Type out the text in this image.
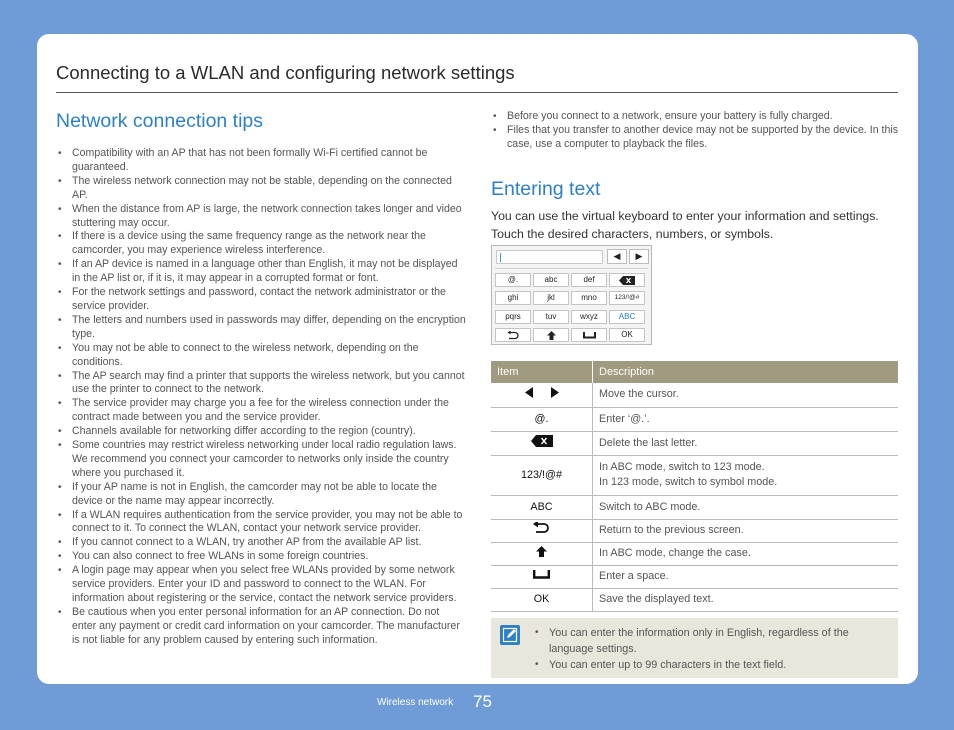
Connecting to a WLAN and configuring network settings
Network connection tips
• Compatibility with an AP that has not been formally Wi-Fi certified cannot be guaranteed.
• The wireless network connection may not be stable, depending on the connected AP.
• When the distance from AP is large, the network connection takes longer and video stuttering may occur.
• If there is a device using the same frequency range as the network near the camcorder, you may experience wireless interference.
• If an AP device is named in a language other than English, it may not be displayed in the AP list or, if it is, it may appear in a corrupted format or font.
• For the network settings and password, contact the network administrator or the service provider.
• The letters and numbers used in passwords may differ, depending on the encryption type.
• You may not be able to connect to the wireless network, depending on the conditions.
• The AP search may find a printer that supports the wireless network, but you cannot use the printer to connect to the network.
• The service provider may charge you a fee for the wireless connection under the contract made between you and the service provider.
• Channels available for networking differ according to the region (country).
• Some countries may restrict wireless networking under local radio regulation laws. We recommend you connect your camcorder to networks only inside the country where you purchased it.
• If your AP name is not in English, the camcorder may not be able to locate the device or the name may appear incorrectly.
• If a WLAN requires authentication from the service provider, you may not be able to connect to it. To connect the WLAN, contact your network service provider.
• If you cannot connect to a WLAN, try another AP from the available AP list.
• You can also connect to free WLANs in some foreign countries.
• A login page may appear when you select free WLANs provided by some network service providers. Enter your ID and password to connect to the WLAN. For information about registering or the service, contact the network service providers.
• Be cautious when you enter personal information for an AP connection. Do not enter any payment or credit card information on your camcorder. The manufacturer is not liable for any problem caused by entering such information.
• Before you connect to a network, ensure your battery is fully charged.
• Files that you transfer to another device may not be supported by the device. In this case, use a computer to playback the files.
Entering text

You can use the virtual keyboard to enter your information and settings. Touch the desired characters, numbers, or symbols.

◀	▶
@.	abc	def
ghi	jkl	mno	123/!@#
pqrs	tuv	wxyz	ABC
OK
Item	Description
	Move the cursor.
@.	Enter ‘@.’.
	Delete the last letter.
123/!@#	In ABC mode, switch to 123 mode.
In 123 mode, switch to symbol mode.

ABC	Switch to ABC mode.
	Return to the previous screen.
	In ABC mode, change the case.
	Enter a space.
OK	Save the displayed text.
• You can enter the information only in English, regardless of the language settings.
• You can enter up to 99 characters in the text field.
Wireless network 75
